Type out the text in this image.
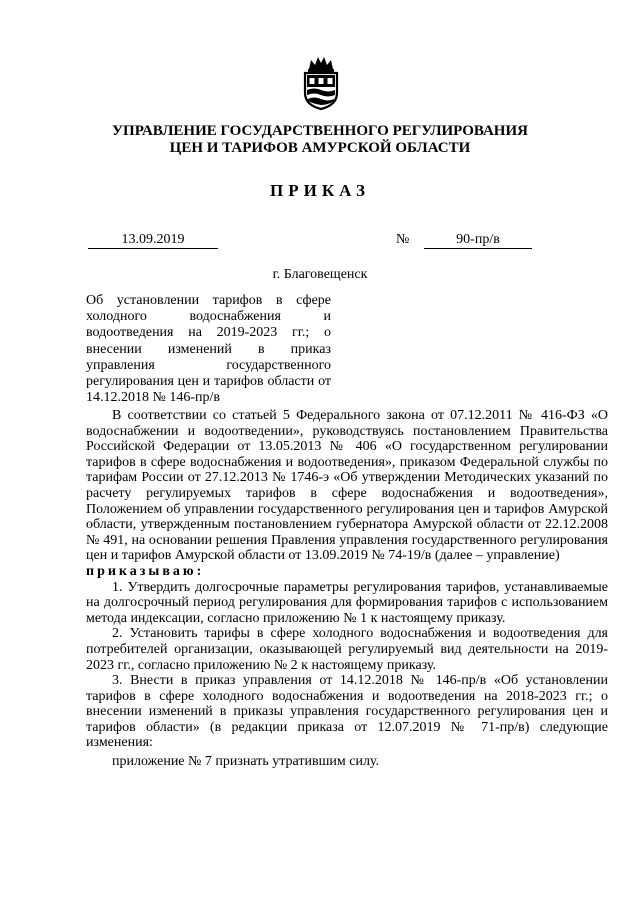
УПРАВЛЕНИЕ ГОСУДАРСТВЕННОГО РЕГУЛИРОВАНИЯ
ЦЕН И ТАРИФОВ АМУРСКОЙ ОБЛАСТИ
ПРИКАЗ
13.09.2019	№	90-пр/в
г. Благовещенск
Об установлении тарифов в сфере холодного водоснабжения и водоотведения на 2019-2023 гг.; о внесении изменений в приказ управления государственного регулирования цен и тарифов области от 14.12.2018 № 146-пр/в

В соответствии со статьей 5 Федерального закона от 07.12.2011 № 416-ФЗ «О водоснабжении и водоотведении», руководствуясь постановлением Правительства Российской Федерации от 13.05.2013 № 406 «О государственном регулировании тарифов в сфере водоснабжения и водоотведения», приказом Федеральной службы по тарифам России от 27.12.2013 № 1746-э «Об утверждении Методических указаний по расчету регулируемых тарифов в сфере водоснабжения и водоотведения», Положением об управлении государственного регулирования цен и тарифов Амурской области, утвержденным постановлением губернатора Амурской области от 22.12.2008 № 491, на основании решения Правления управления государственного регулирования цен и тарифов Амурской области от 13.09.2019 № 74-19/в (далее – управление)

приказываю:

1. Утвердить долгосрочные параметры регулирования тарифов, устанавливаемые на долгосрочный период регулирования для формирования тарифов с использованием метода индексации, согласно приложению № 1 к настоящему приказу.

2. Установить тарифы в сфере холодного водоснабжения и водоотведения для потребителей организации, оказывающей регулируемый вид деятельности на 2019-2023 гг., согласно приложению № 2 к настоящему приказу.

3. Внести в приказ управления от 14.12.2018 № 146-пр/в «Об установлении тарифов в сфере холодного водоснабжения и водоотведения на 2018-2023 гг.; о внесении изменений в приказы управления государственного регулирования цен и тарифов области» (в редакции приказа от 12.07.2019 № 71-пр/в) следующие изменения:

приложение № 7 признать утратившим силу.
